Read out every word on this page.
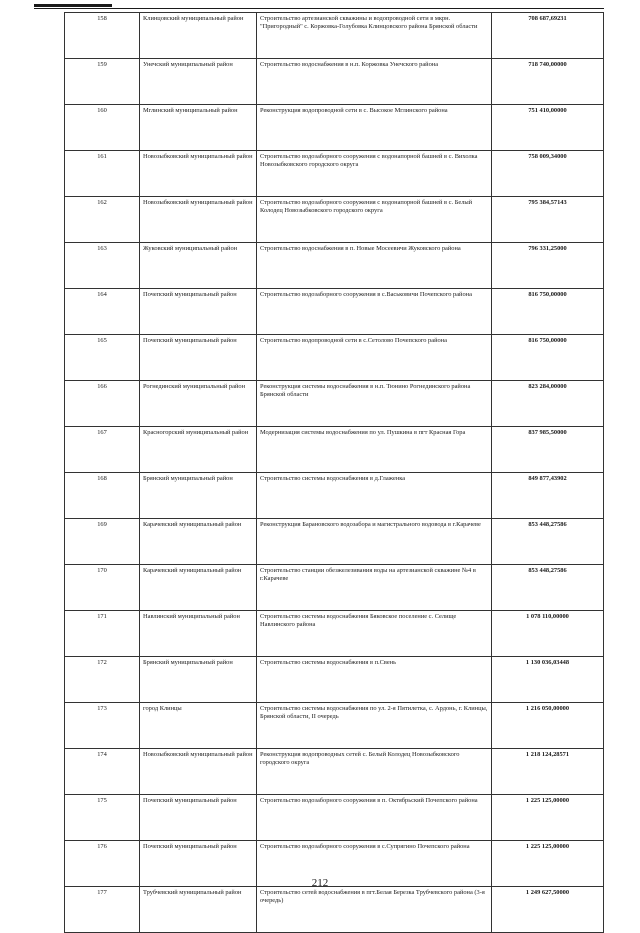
158	Клинцовский муниципальный район	Строительство артезианской скважины и водопроводной сети в мкрн. "Пригородный" с. Коржовка-Голубовка Клинцовского района Брянской области	708 687,69231
159	Унечский муниципальный район	Строительство водоснабжения в н.п. Коржовка Унечского района	718 740,00000
160	Мглинский муниципальный район	Реконструкция водопроводной сети в с. Высокое Мглинского района	751 410,00000
161	Новозыбковский муниципальный район	Строительство водозаборного сооружения с водонапорной башней в с. Вихолка Новозыбковского городского округа	758 009,34000
162	Новозыбковский муниципальный район	Строительство водозаборного сооружения с водонапорной башней в с. Белый Колодец Новозыбковского городского округа	795 384,57143
163	Жуковский муниципальный район	Строительство водоснабжения в п. Новые Мосеевичи Жуковского района	796 331,25000
164	Почепский муниципальный район	Строительство водозаборного сооружения в с.Васьковичи Почепского района	816 750,00000
165	Почепский муниципальный район	Строительство водопроводной сети в с.Сетолово Почепского района	816 750,00000
166	Рогнединский муниципальный район	Реконструкция системы водоснабжения в н.п. Тюнино Рогнединского района Брянской области	823 284,00000
167	Красногорский муниципальный район	Модернизация системы водоснабжения по ул. Пушкина в пгт Красная Гора	837 985,50000
168	Брянский муниципальный район	Строительство системы водоснабжения в д.Глаженка	849 877,43902
169	Карачевский муниципальный район	Реконструкция Барановского водозабора и магистрального водовода в г.Карачеве	853 448,27586
170	Карачевский муниципальный район	Строительство станции обезжелезивания воды на артезианской скважине №4 в г.Карачеве	853 448,27586
171	Навлинский муниципальный район	Строительство системы водоснабжения Бяковское поселение с. Селище Навлинского района	1 078 110,00000
172	Брянский муниципальный район	Строительство системы водоснабжения в п.Свень	1 130 036,03448
173	город Клинцы	Строительство системы водоснабжения по ул. 2-я Пятилетка, с. Ардонь, г. Клинцы, Брянской области, II очередь	1 216 050,00000
174	Новозыбковский муниципальный район	Реконструкция водопроводных сетей с. Белый Колодец Новозыбковского городского округа	1 218 124,28571
175	Почепский муниципальный район	Строительство водозаборного сооружения в п. Октябрьский Почепского района	1 225 125,00000
176	Почепский муниципальный район	Строительство водозаборного сооружения в с.Супрягино Почепского района	1 225 125,00000
177	Трубчевский муниципальный район	Строительство сетей водоснабжения в пгт.Белая Березка Трубчевского района (3-я очередь)	1 249 627,50000
212
